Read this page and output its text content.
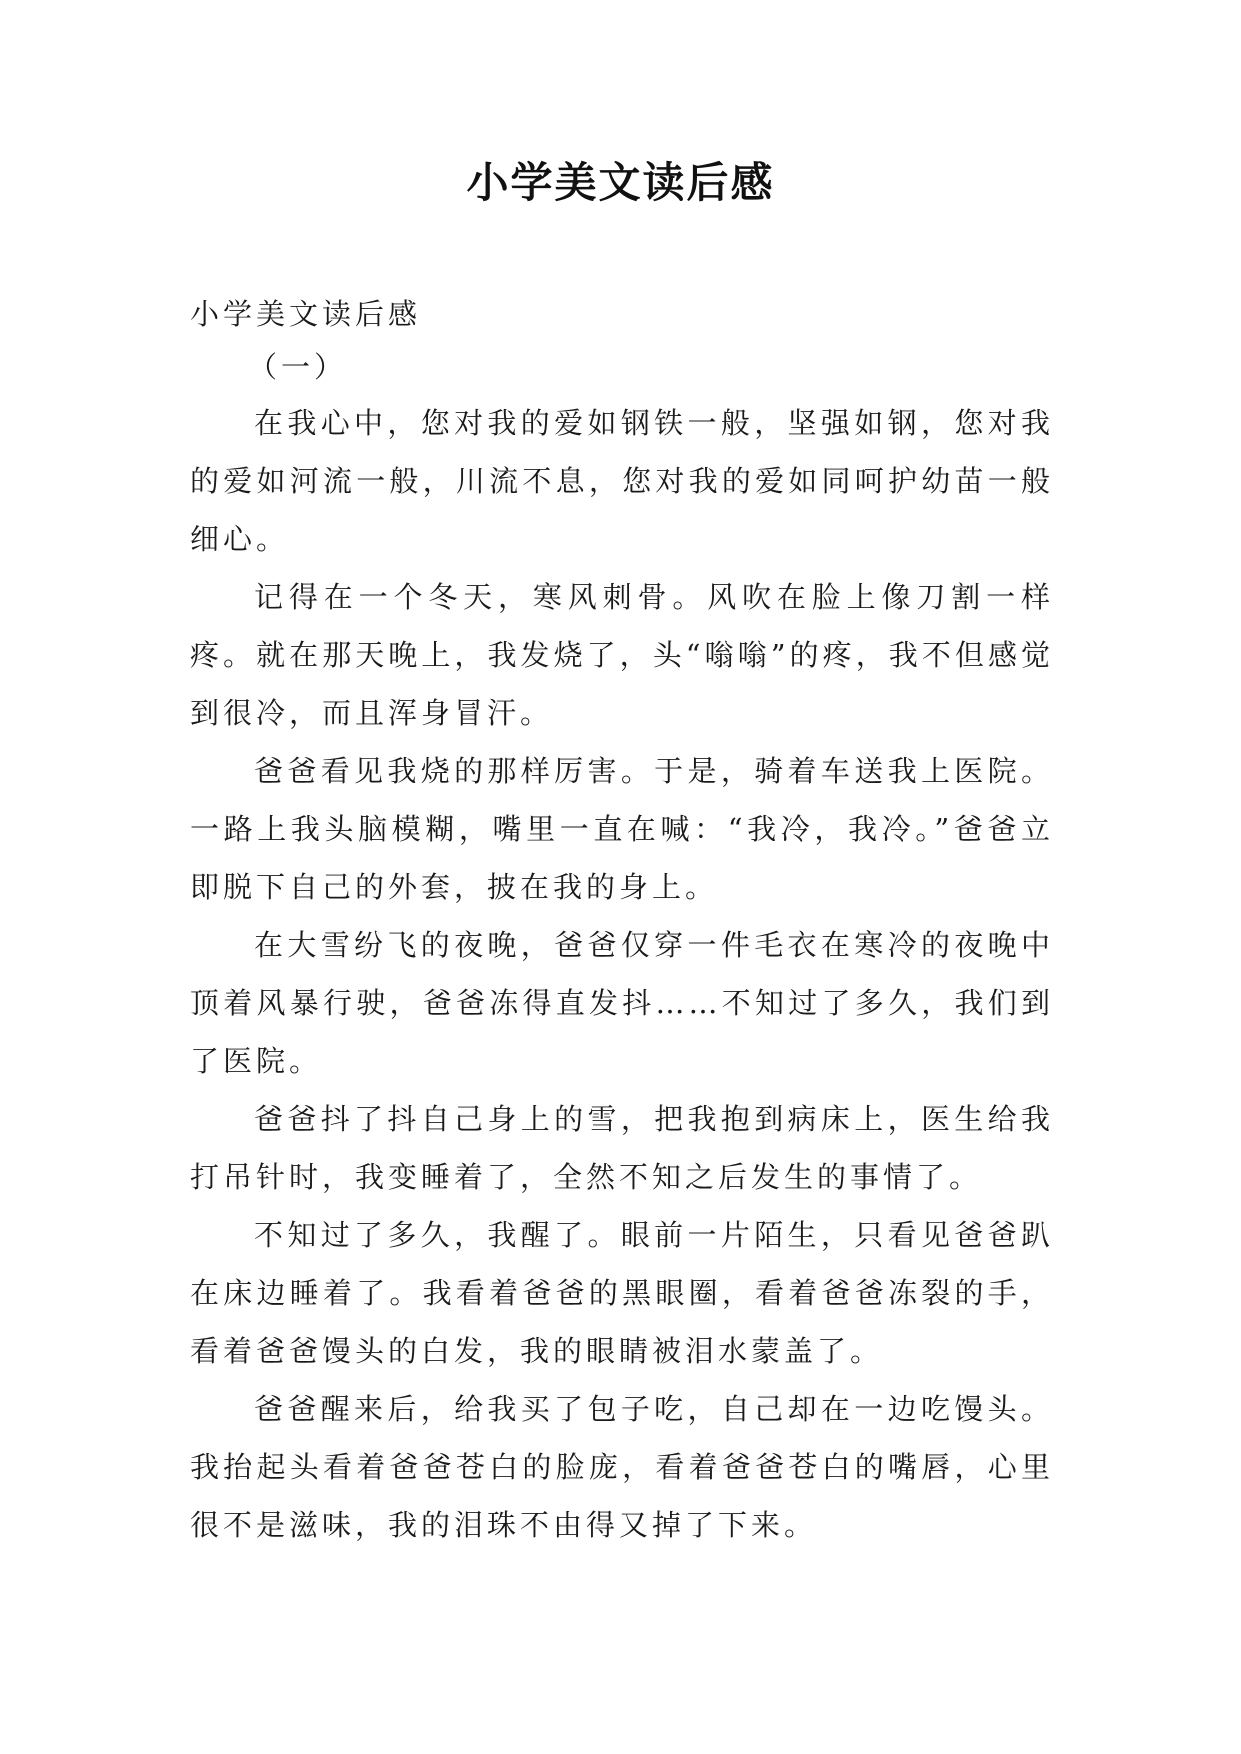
小学美文读后感

小学美文读后感

（一）

在我心中，您对我的爱如钢铁一般，坚强如钢，您对我的爱如河流一般，川流不息，您对我的爱如同呵护幼苗一般细心。

记得在一个冬天，寒风刺骨。风吹在脸上像刀割一样疼。就在那天晚上，我发烧了，头“嗡嗡”的疼，我不但感觉到很冷，而且浑身冒汗。

爸爸看见我烧的那样厉害。于是，骑着车送我上医院。一路上我头脑模糊，嘴里一直在喊：“我冷，我冷。”爸爸立即脱下自己的外套，披在我的身上。

在大雪纷飞的夜晚，爸爸仅穿一件毛衣在寒冷的夜晚中顶着风暴行驶，爸爸冻得直发抖……不知过了多久，我们到了医院。

爸爸抖了抖自己身上的雪，把我抱到病床上，医生给我打吊针时，我变睡着了，全然不知之后发生的事情了。

不知过了多久，我醒了。眼前一片陌生，只看见爸爸趴在床边睡着了。我看着爸爸的黑眼圈，看着爸爸冻裂的手，看着爸爸馒头的白发，我的眼睛被泪水蒙盖了。

爸爸醒来后，给我买了包子吃，自己却在一边吃馒头。我抬起头看着爸爸苍白的脸庞，看着爸爸苍白的嘴唇，心里很不是滋味，我的泪珠不由得又掉了下来。
